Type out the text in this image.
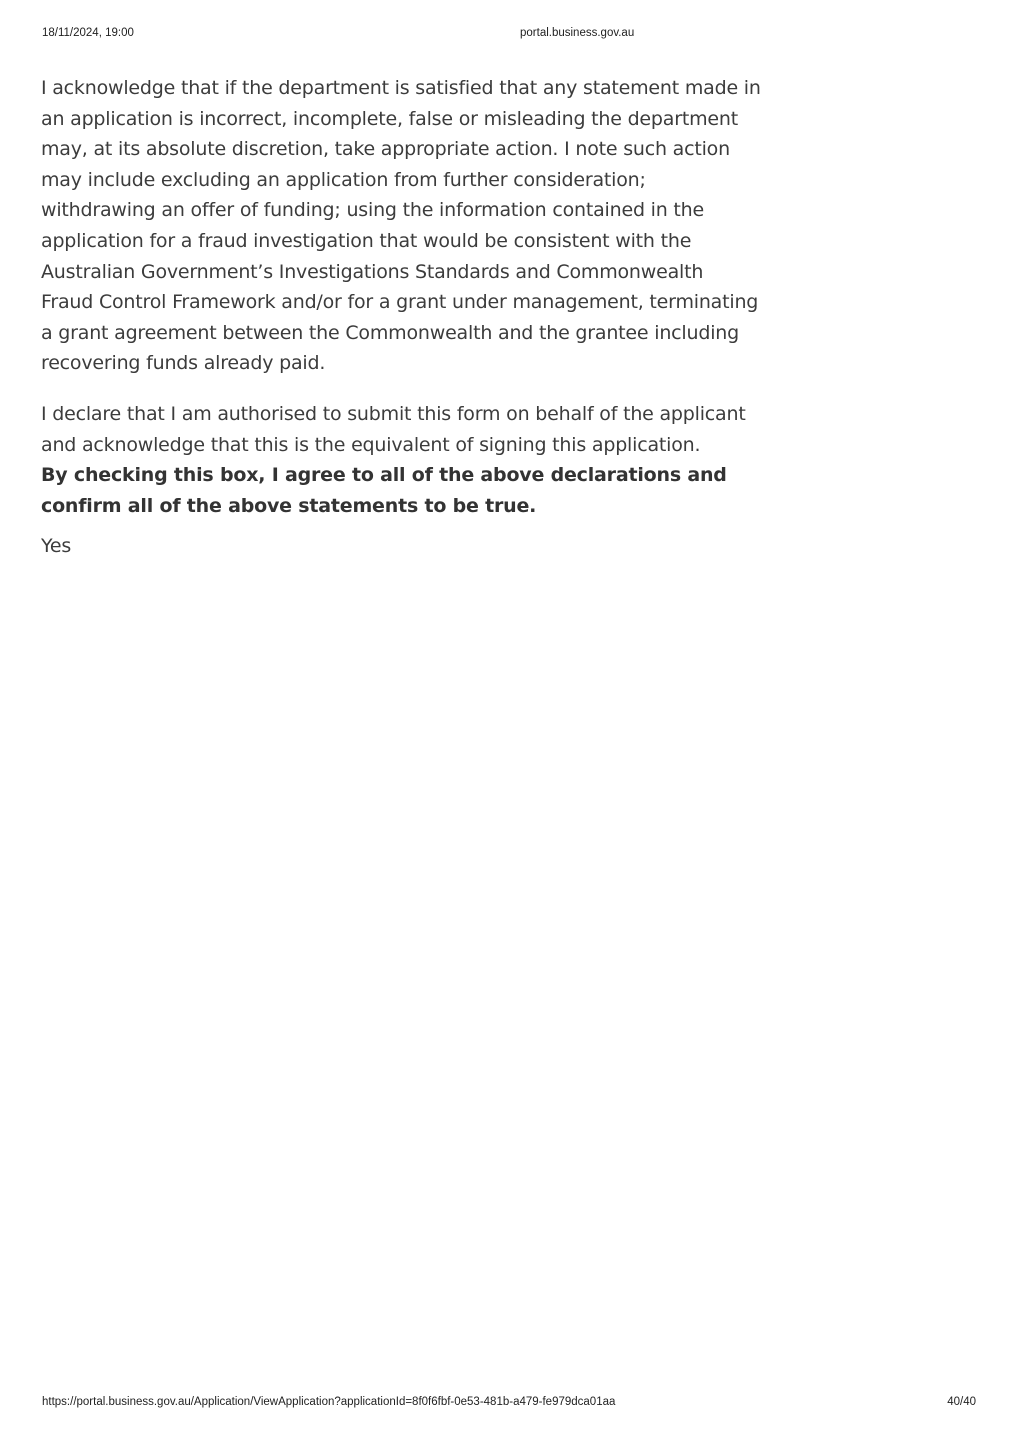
18/11/2024, 19:00	portal.business.gov.au

I acknowledge that if the department is satisfied that any statement made in an application is incorrect, incomplete, false or misleading the department may, at its absolute discretion, take appropriate action. I note such action may include excluding an application from further consideration; withdrawing an offer of funding; using the information contained in the application for a fraud investigation that would be consistent with the Australian Government’s Investigations Standards and Commonwealth Fraud Control Framework and/or for a grant under management, terminating a grant agreement between the Commonwealth and the grantee including recovering funds already paid.

I declare that I am authorised to submit this form on behalf of the applicant and acknowledge that this is the equivalent of signing this application.

By checking this box, I agree to all of the above declarations and confirm all of the above statements to be true.

Yes

https://portal.business.gov.au/Application/ViewApplication?applicationId=8f0f6fbf-0e53-481b-a479-fe979dca01aa	40/40
